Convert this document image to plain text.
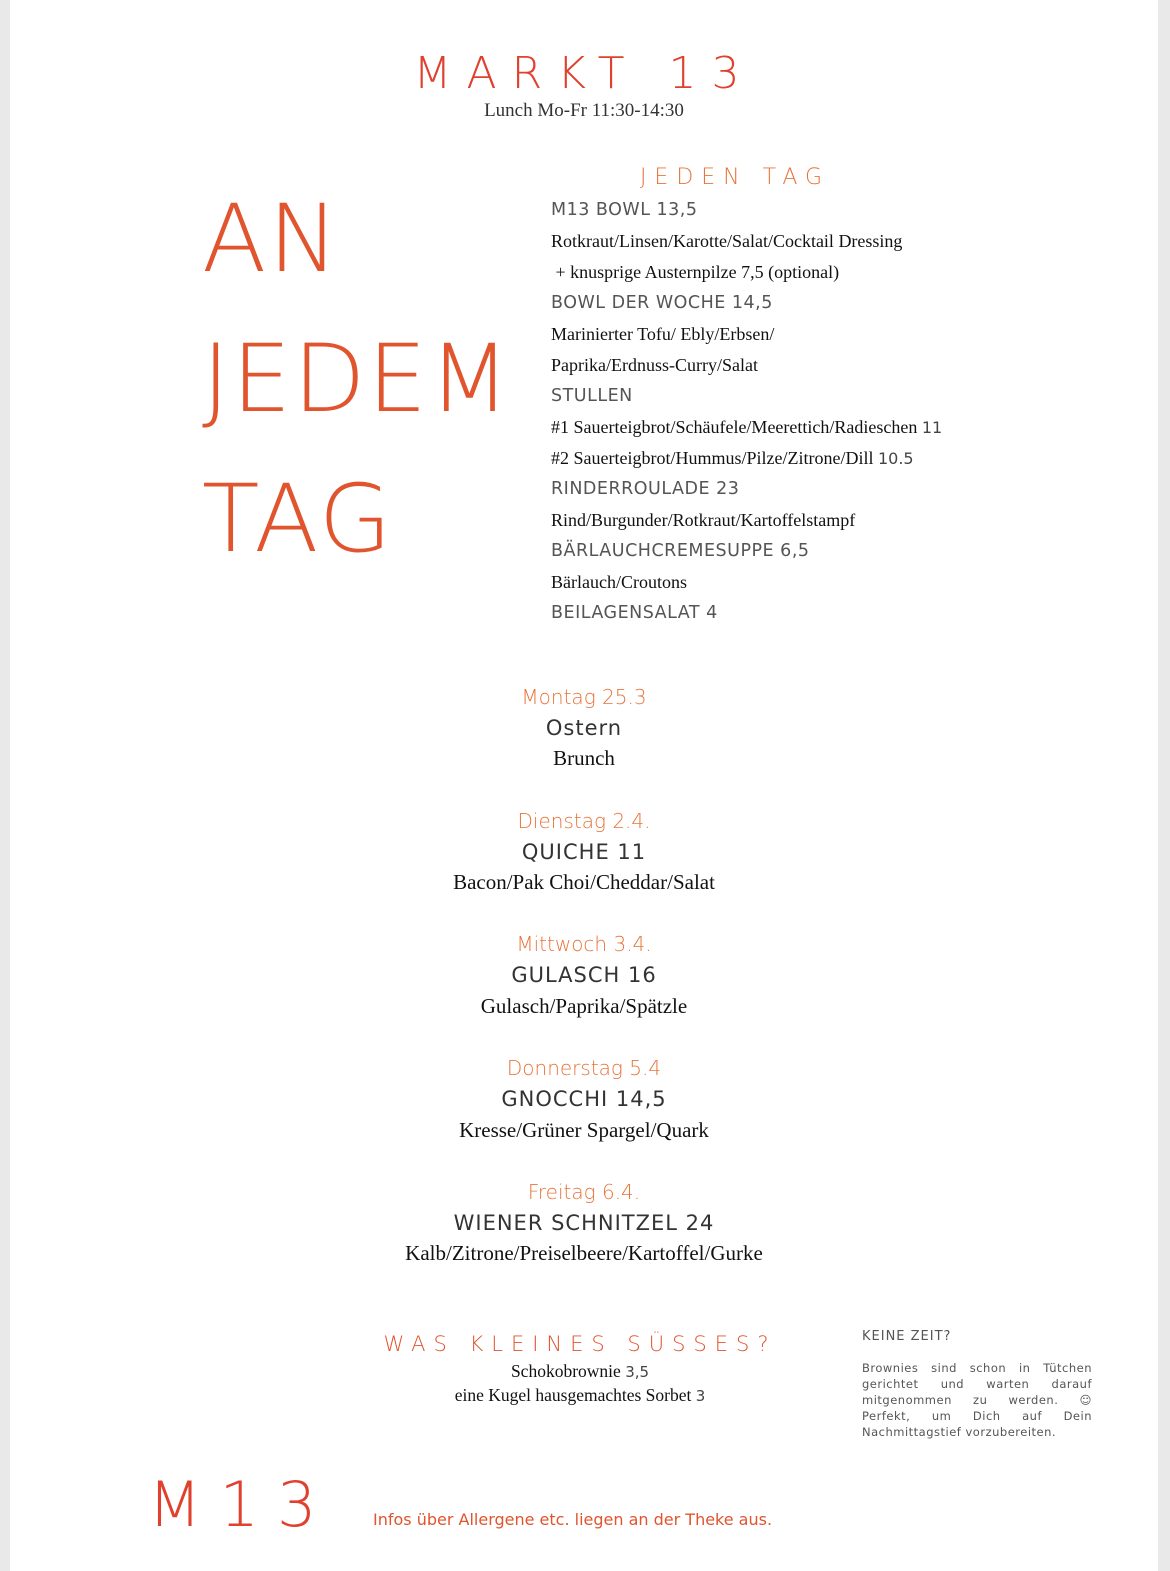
MARKT 13
Lunch Mo-Fr 11:30-14:30
AN
JEDEM
TAG
JEDEN TAG
M13 BOWL 13,5
Rotkraut/Linsen/Karotte/Salat/Cocktail Dressing
+ knusprige Austernpilze 7,5 (optional)
BOWL DER WOCHE 14,5
Marinierter Tofu/ Ebly/Erbsen/
Paprika/Erdnuss-Curry/Salat
STULLEN
#1 Sauerteigbrot/Schäufele/Meerettich/Radieschen 11
#2 Sauerteigbrot/Hummus/Pilze/Zitrone/Dill 10.5
RINDERROULADE 23
Rind/Burgunder/Rotkraut/Kartoffelstampf
BÄRLAUCHCREMESUPPE 6,5
Bärlauch/Croutons
BEILAGENSALAT 4
Montag 25.3
Ostern
Brunch
Dienstag 2.4.
QUICHE 11
Bacon/Pak Choi/Cheddar/Salat
Mittwoch 3.4.
GULASCH 16
Gulasch/Paprika/Spätzle
Donnerstag 5.4
GNOCCHI 14,5
Kresse/Grüner Spargel/Quark
Freitag 6.4.
WIENER SCHNITZEL 24
Kalb/Zitrone/Preiselbeere/Kartoffel/Gurke
WAS KLEINES SÜSSES?
Schokobrownie 3,5
eine Kugel hausgemachtes Sorbet 3
KEINE ZEIT?
Brownies sind schon in Tütchen gerichtet und warten darauf mitgenommen zu werden. ☺ Perfekt, um Dich auf Dein Nachmittagstief vorzubereiten.
M13 Infos über Allergene etc. liegen an der Theke aus.
